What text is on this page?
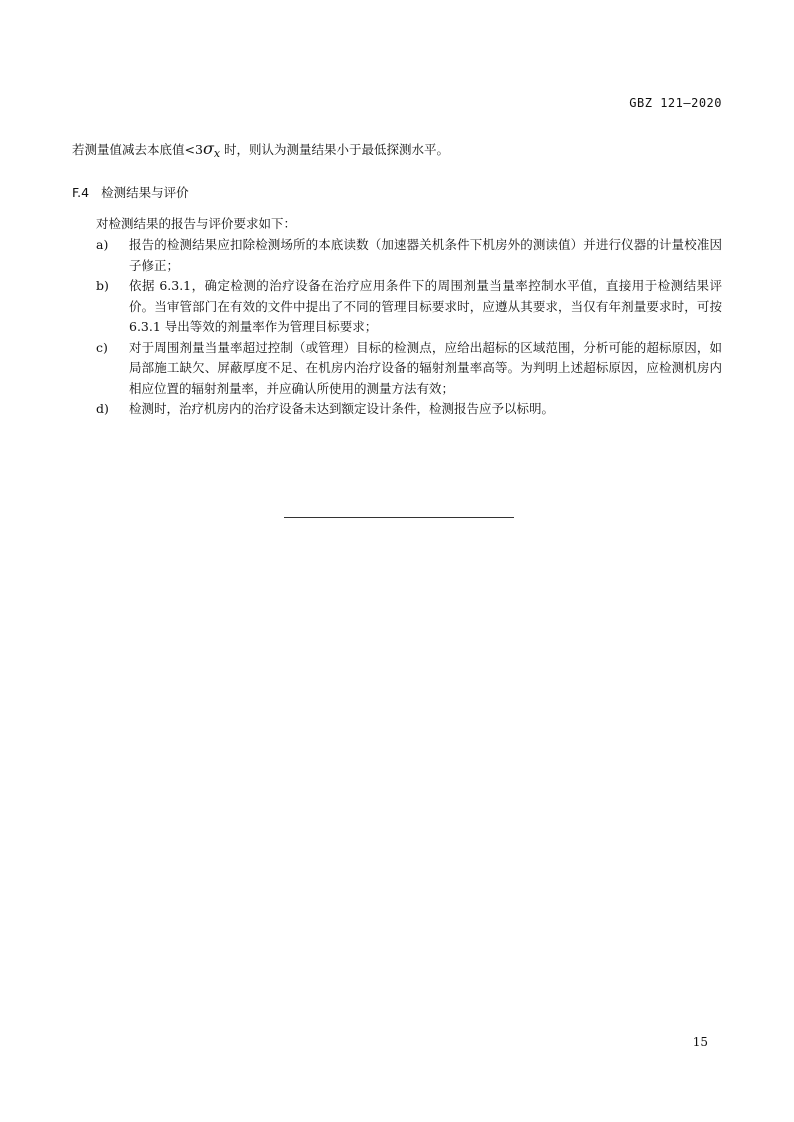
GBZ 121—2020
若测量值减去本底值<3σx 时，则认为测量结果小于最低探测水平。
F.4 检测结果与评价
对检测结果的报告与评价要求如下：
a) 报告的检测结果应扣除检测场所的本底读数（加速器关机条件下机房外的测读值）并进行仪器的计量校准因子修正；
b) 依据 6.3.1，确定检测的治疗设备在治疗应用条件下的周围剂量当量率控制水平值，直接用于检测结果评价。当审管部门在有效的文件中提出了不同的管理目标要求时，应遵从其要求，当仅有年剂量要求时，可按 6.3.1 导出等效的剂量率作为管理目标要求；
c) 对于周围剂量当量率超过控制（或管理）目标的检测点，应给出超标的区域范围，分析可能的超标原因，如局部施工缺欠、屏蔽厚度不足、在机房内治疗设备的辐射剂量率高等。为判明上述超标原因，应检测机房内相应位置的辐射剂量率，并应确认所使用的测量方法有效；
d) 检测时，治疗机房内的治疗设备未达到额定设计条件，检测报告应予以标明。
15
